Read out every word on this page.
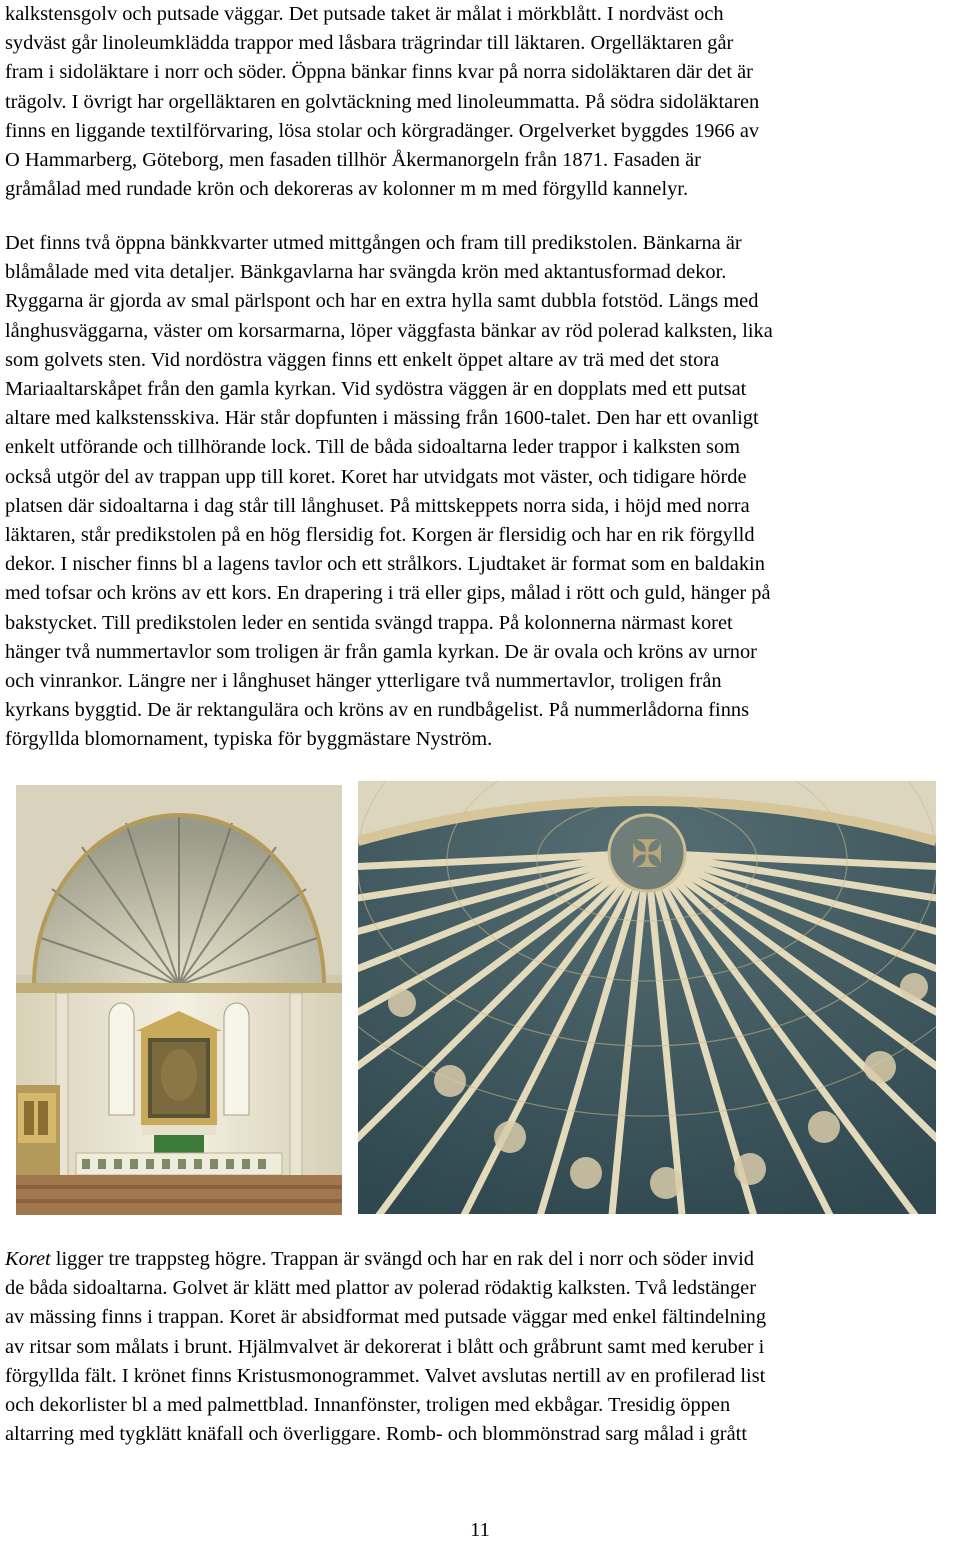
kalkstensgolv och putsade väggar. Det putsade taket är målat i mörkblått. I nordväst och
sydväst går linoleumklädda trappor med låsbara trägrindar till läktaren. Orgelläktaren går
fram i sidoläktare i norr och söder. Öppna bänkar finns kvar på norra sidoläktaren där det är
trägolv. I övrigt har orgelläktaren en golvtäckning med linoleummatta. På södra sidoläktaren
finns en liggande textilförvaring, lösa stolar och körgradänger. Orgelverket byggdes 1966 av
O Hammarberg, Göteborg, men fasaden tillhör Åkermanorgeln från 1871. Fasaden är
gråmålad med rundade krön och dekoreras av kolonner m m med förgylld kannelyr.
Det finns två öppna bänkkvarter utmed mittgången och fram till predikstolen. Bänkarna är
blåmålade med vita detaljer. Bänkgavlarna har svängda krön med aktantusformad dekor.
Ryggarna är gjorda av smal pärlspont och har en extra hylla samt dubbla fotstöd. Längs med
långhusväggarna, väster om korsarmarna, löper väggfasta bänkar av röd polerad kalksten, lika
som golvets sten. Vid nordöstra väggen finns ett enkelt öppet altare av trä med det stora
Mariaaltarskåpet från den gamla kyrkan. Vid sydöstra väggen är en dopplats med ett putsat
altare med kalkstensskiva. Här står dopfunten i mässing från 1600-talet. Den har ett ovanligt
enkelt utförande och tillhörande lock. Till de båda sidoaltarna leder trappor i kalksten som
också utgör del av trappan upp till koret. Koret har utvidgats mot väster, och tidigare hörde
platsen där sidoaltarna i dag står till långhuset. På mittskeppets norra sida, i höjd med norra
läktaren, står predikstolen på en hög flersidig fot. Korgen är flersidig och har en rik förgylld
dekor. I nischer finns bl a lagens tavlor och ett strålkors. Ljudtaket är format som en baldakin
med tofsar och kröns av ett kors. En drapering i trä eller gips, målad i rött och guld, hänger på
bakstycket. Till predikstolen leder en sentida svängd trappa. På kolonnerna närmast koret
hänger två nummertavlor som troligen är från gamla kyrkan. De är ovala och kröns av urnor
och vinrankor. Längre ner i långhuset hänger ytterligare två nummertavlor, troligen från
kyrkans byggtid. De är rektangulära och kröns av en rundbågelist. På nummerlådorna finns
förgyllda blomornament, typiska för byggmästare Nyström.
✠
Koret ligger tre trappsteg högre. Trappan är svängd och har en rak del i norr och söder invid
de båda sidoaltarna. Golvet är klätt med plattor av polerad rödaktig kalksten. Två ledstänger
av mässing finns i trappan. Koret är absidformat med putsade väggar med enkel fältindelning
av ritsar som målats i brunt. Hjälmvalvet är dekorerat i blått och gråbrunt samt med keruber i
förgyllda fält. I krönet finns Kristusmonogrammet. Valvet avslutas nertill av en profilerad list
och dekorlister bl a med palmettblad. Innanfönster, troligen med ekbågar. Tresidig öppen
altarring med tygklätt knäfall och överliggare. Romb- och blommönstrad sarg målad i grått
11
